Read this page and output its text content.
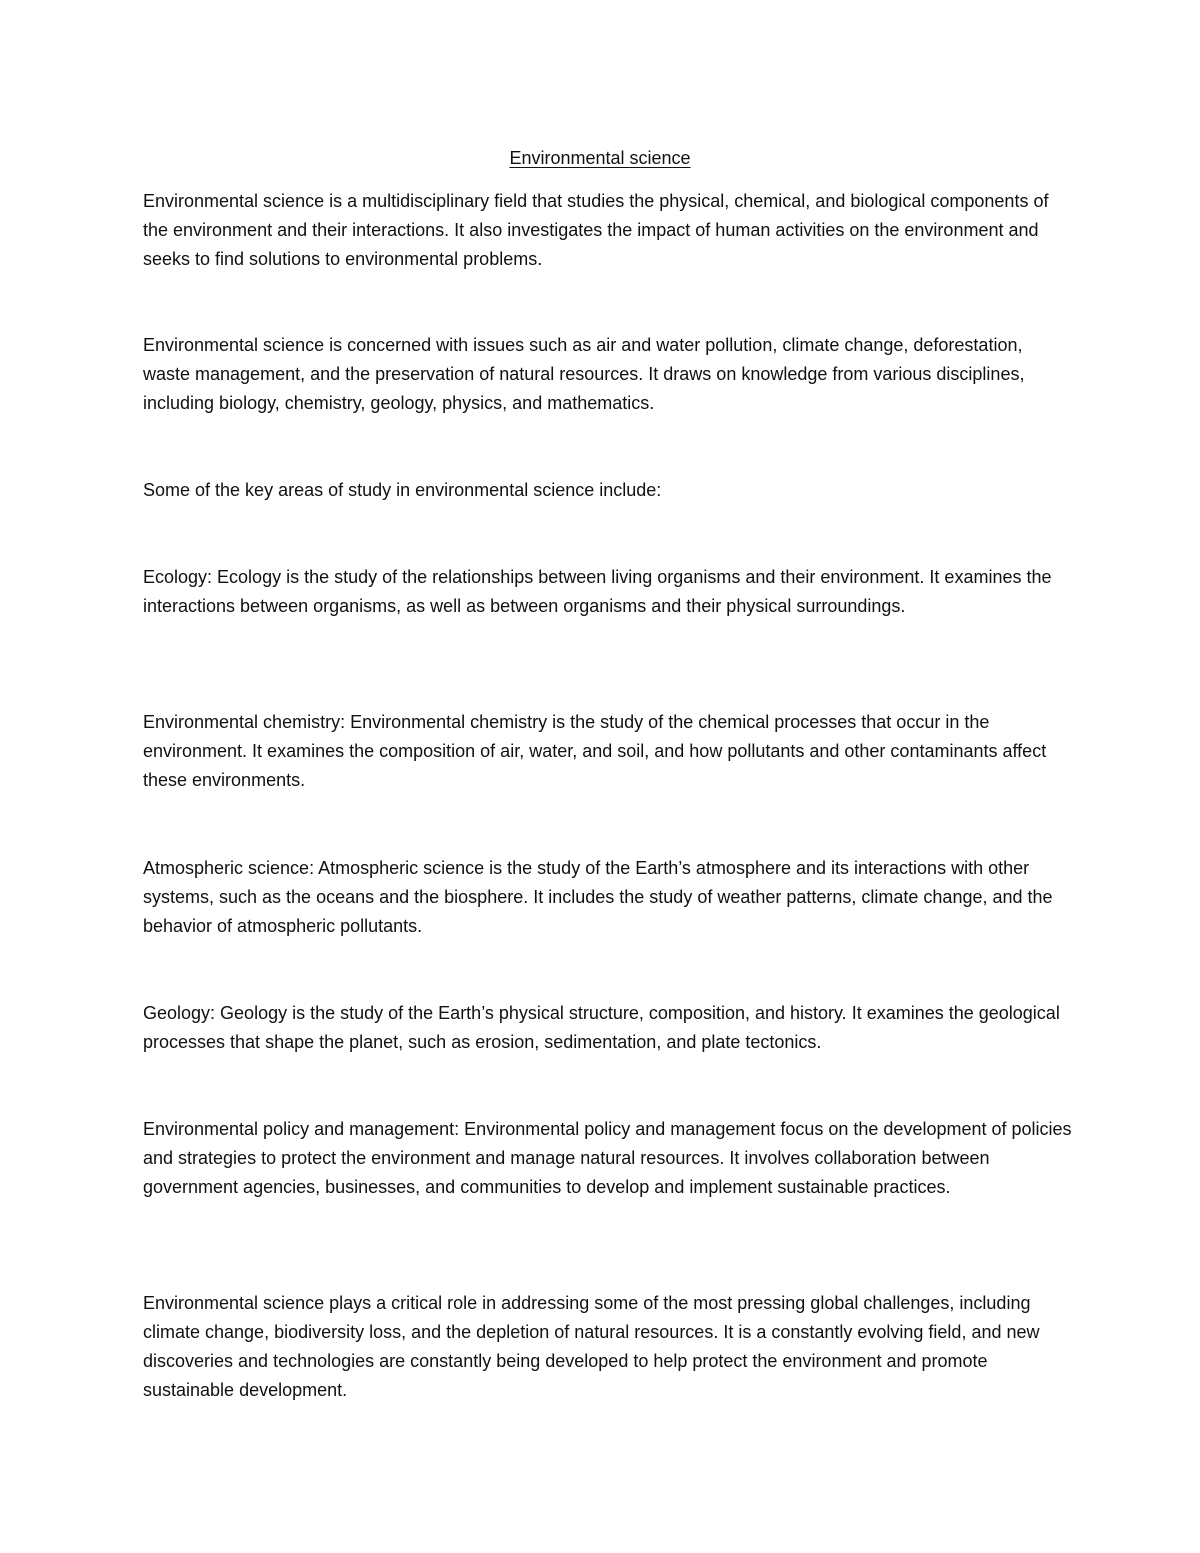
Environmental science

Environmental science is a multidisciplinary field that studies the physical, chemical, and biological components of the environment and their interactions. It also investigates the impact of human activities on the environment and seeks to find solutions to environmental problems.

Environmental science is concerned with issues such as air and water pollution, climate change, deforestation, waste management, and the preservation of natural resources. It draws on knowledge from various disciplines, including biology, chemistry, geology, physics, and mathematics.

Some of the key areas of study in environmental science include:

Ecology: Ecology is the study of the relationships between living organisms and their environment. It examines the interactions between organisms, as well as between organisms and their physical surroundings.

Environmental chemistry: Environmental chemistry is the study of the chemical processes that occur in the environment. It examines the composition of air, water, and soil, and how pollutants and other contaminants affect these environments.

Atmospheric science: Atmospheric science is the study of the Earth’s atmosphere and its interactions with other systems, such as the oceans and the biosphere. It includes the study of weather patterns, climate change, and the behavior of atmospheric pollutants.

Geology: Geology is the study of the Earth’s physical structure, composition, and history. It examines the geological processes that shape the planet, such as erosion, sedimentation, and plate tectonics.

Environmental policy and management: Environmental policy and management focus on the development of policies and strategies to protect the environment and manage natural resources. It involves collaboration between government agencies, businesses, and communities to develop and implement sustainable practices.

Environmental science plays a critical role in addressing some of the most pressing global challenges, including climate change, biodiversity loss, and the depletion of natural resources. It is a constantly evolving field, and new discoveries and technologies are constantly being developed to help protect the environment and promote sustainable development.
